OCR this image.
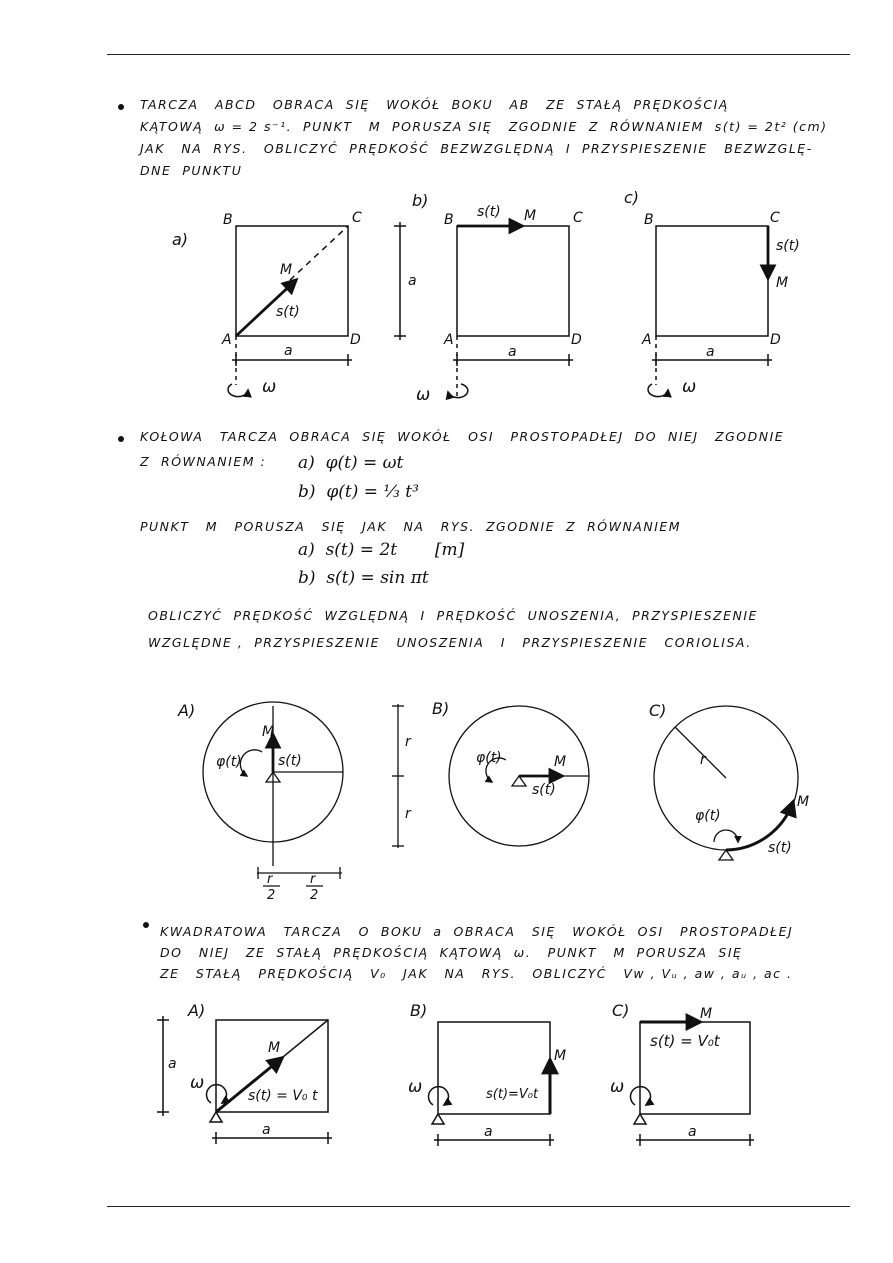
TARCZA   ABCD   OBRACA  SIĘ   WOKÓŁ  BOKU   AB   ZE  STAŁĄ  PRĘDKOŚCIĄ
KĄTOWĄ  ω = 2 s⁻¹.  PUNKT   M  PORUSZA SIĘ   ZGODNIE  Z  RÓWNANIEM  s(t) = 2t² (cm)
JAK   NA  RYS.   OBLICZYĆ  PRĘDKOŚĆ  BEZWZGLĘDNĄ  I  PRZYSPIESZENIE   BEZWZGLĘ-
DNE  PUNKTU
KOŁOWA   TARCZA  OBRACA  SIĘ  WOKÓŁ   OSI   PROSTOPADŁEJ  DO  NIEJ   ZGODNIE
Z  RÓWNANIEM : a)  φ(t) = ωt
b)  φ(t) = ⅓ t³
PUNKT   M   PORUSZA   SIĘ   JAK   NA   RYS.  ZGODNIE  Z  RÓWNANIEM
a)  s(t) = 2t       [m]
b)  s(t) = sin πt
OBLICZYĆ  PRĘDKOŚĆ  WZGLĘDNĄ  I  PRĘDKOŚĆ  UNOSZENIA,  PRZYSPIESZENIE
WZGLĘDNE ,  PRZYSPIESZENIE   UNOSZENIA   I   PRZYSPIESZENIE   CORIOLISA.
KWADRATOWA   TARCZA   O  BOKU  a  OBRACA   SIĘ   WOKÓŁ  OSI   PROSTOPADŁEJ
DO   NIEJ   ZE  STAŁĄ  PRĘDKOŚCIĄ  KĄTOWĄ  ω.   PUNKT   M  PORUSZA  SIĘ
ZE   STAŁĄ   PRĘDKOŚCIĄ   V₀   JAK   NA   RYS.   OBLICZYĆ   Vᴡ , Vᵤ , aᴡ , aᵤ , aᴄ .
a)
B	C
A	D
M
s(t)
a
ω
b)
B s(t) M	C
A	D
a
a
ω
c)
B	C
s(t)
M
A	D
a
ω
A)
M
s(t)
φ(t)
r
2
r
2
B)
φ(t)	M
s(t)
r
r
C)
r
φ(t)
M
s(t)
A)
M
s(t) = V₀ t
ω
a
a
B)
M
s(t)=V₀t
ω
a
C)	M
s(t) = V₀t
ω
a
